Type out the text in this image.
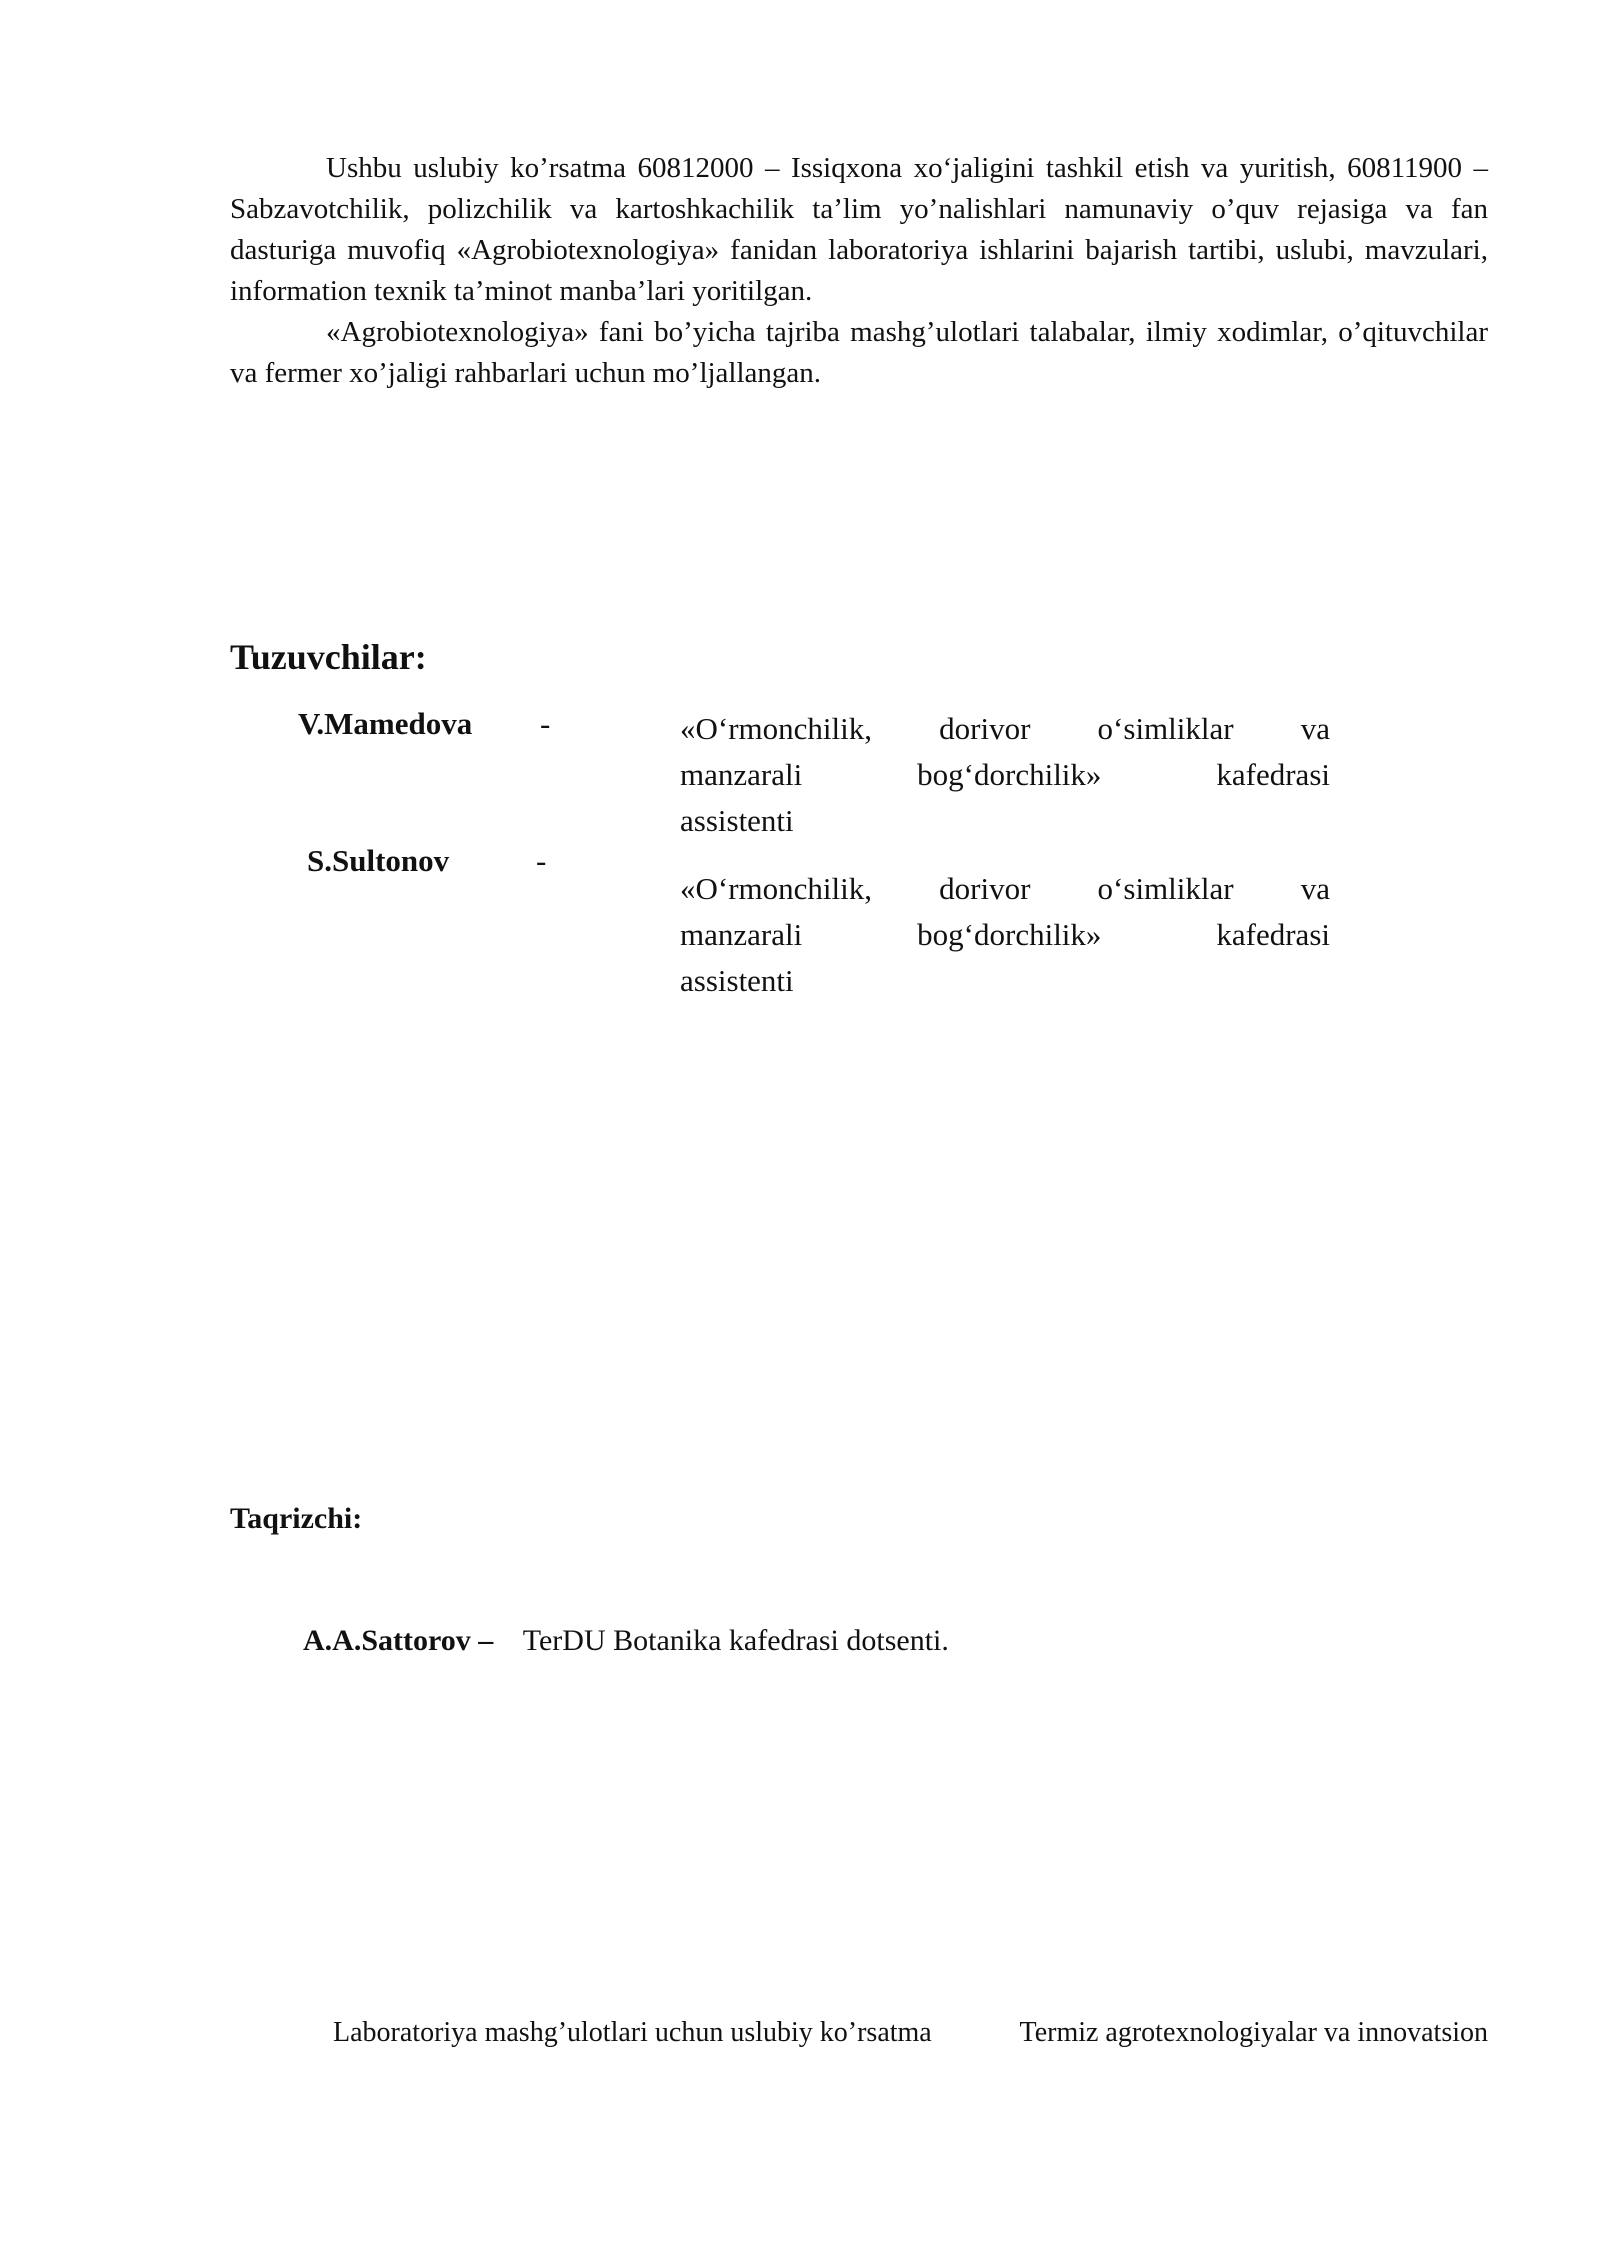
Ushbu uslubiy ko’rsatma 60812000 – Issiqxona xo‘jaligini tashkil etish va yuritish, 60811900 – Sabzavotchilik, polizchilik va kartoshkachilik ta’lim yo’nalishlari namunaviy o’quv rejasiga va fan dasturiga muvofiq «Agrobiotexnologiya» fanidan laboratoriya ishlarini bajarish tartibi, uslubi, mavzulari, information texnik ta’minot manba’lari yoritilgan.

«Agrobiotexnologiya» fani bo’yicha tajriba mashg’ulotlari talabalar, ilmiy xodimlar, o’qituvchilar va fermer xo’jaligi rahbarlari uchun mo’ljallangan.

Tuzuvchilar:
V.Mamedova -	«O‘rmonchilik, dorivor o‘simliklar va
manzarali bog‘dorchilik» kafedrasi
assistenti
S.Sultonov	-
«O‘rmonchilik, dorivor o‘simliklar va
manzarali bog‘dorchilik» kafedrasi
assistenti
Taqrizchi:
A.A.Sattorov – TerDU Botanika kafedrasi dotsenti.
Laboratoriya mashg’ulotlari uchun uslubiy ko’rsatma	Termiz agrotexnologiyalar va innovatsion
